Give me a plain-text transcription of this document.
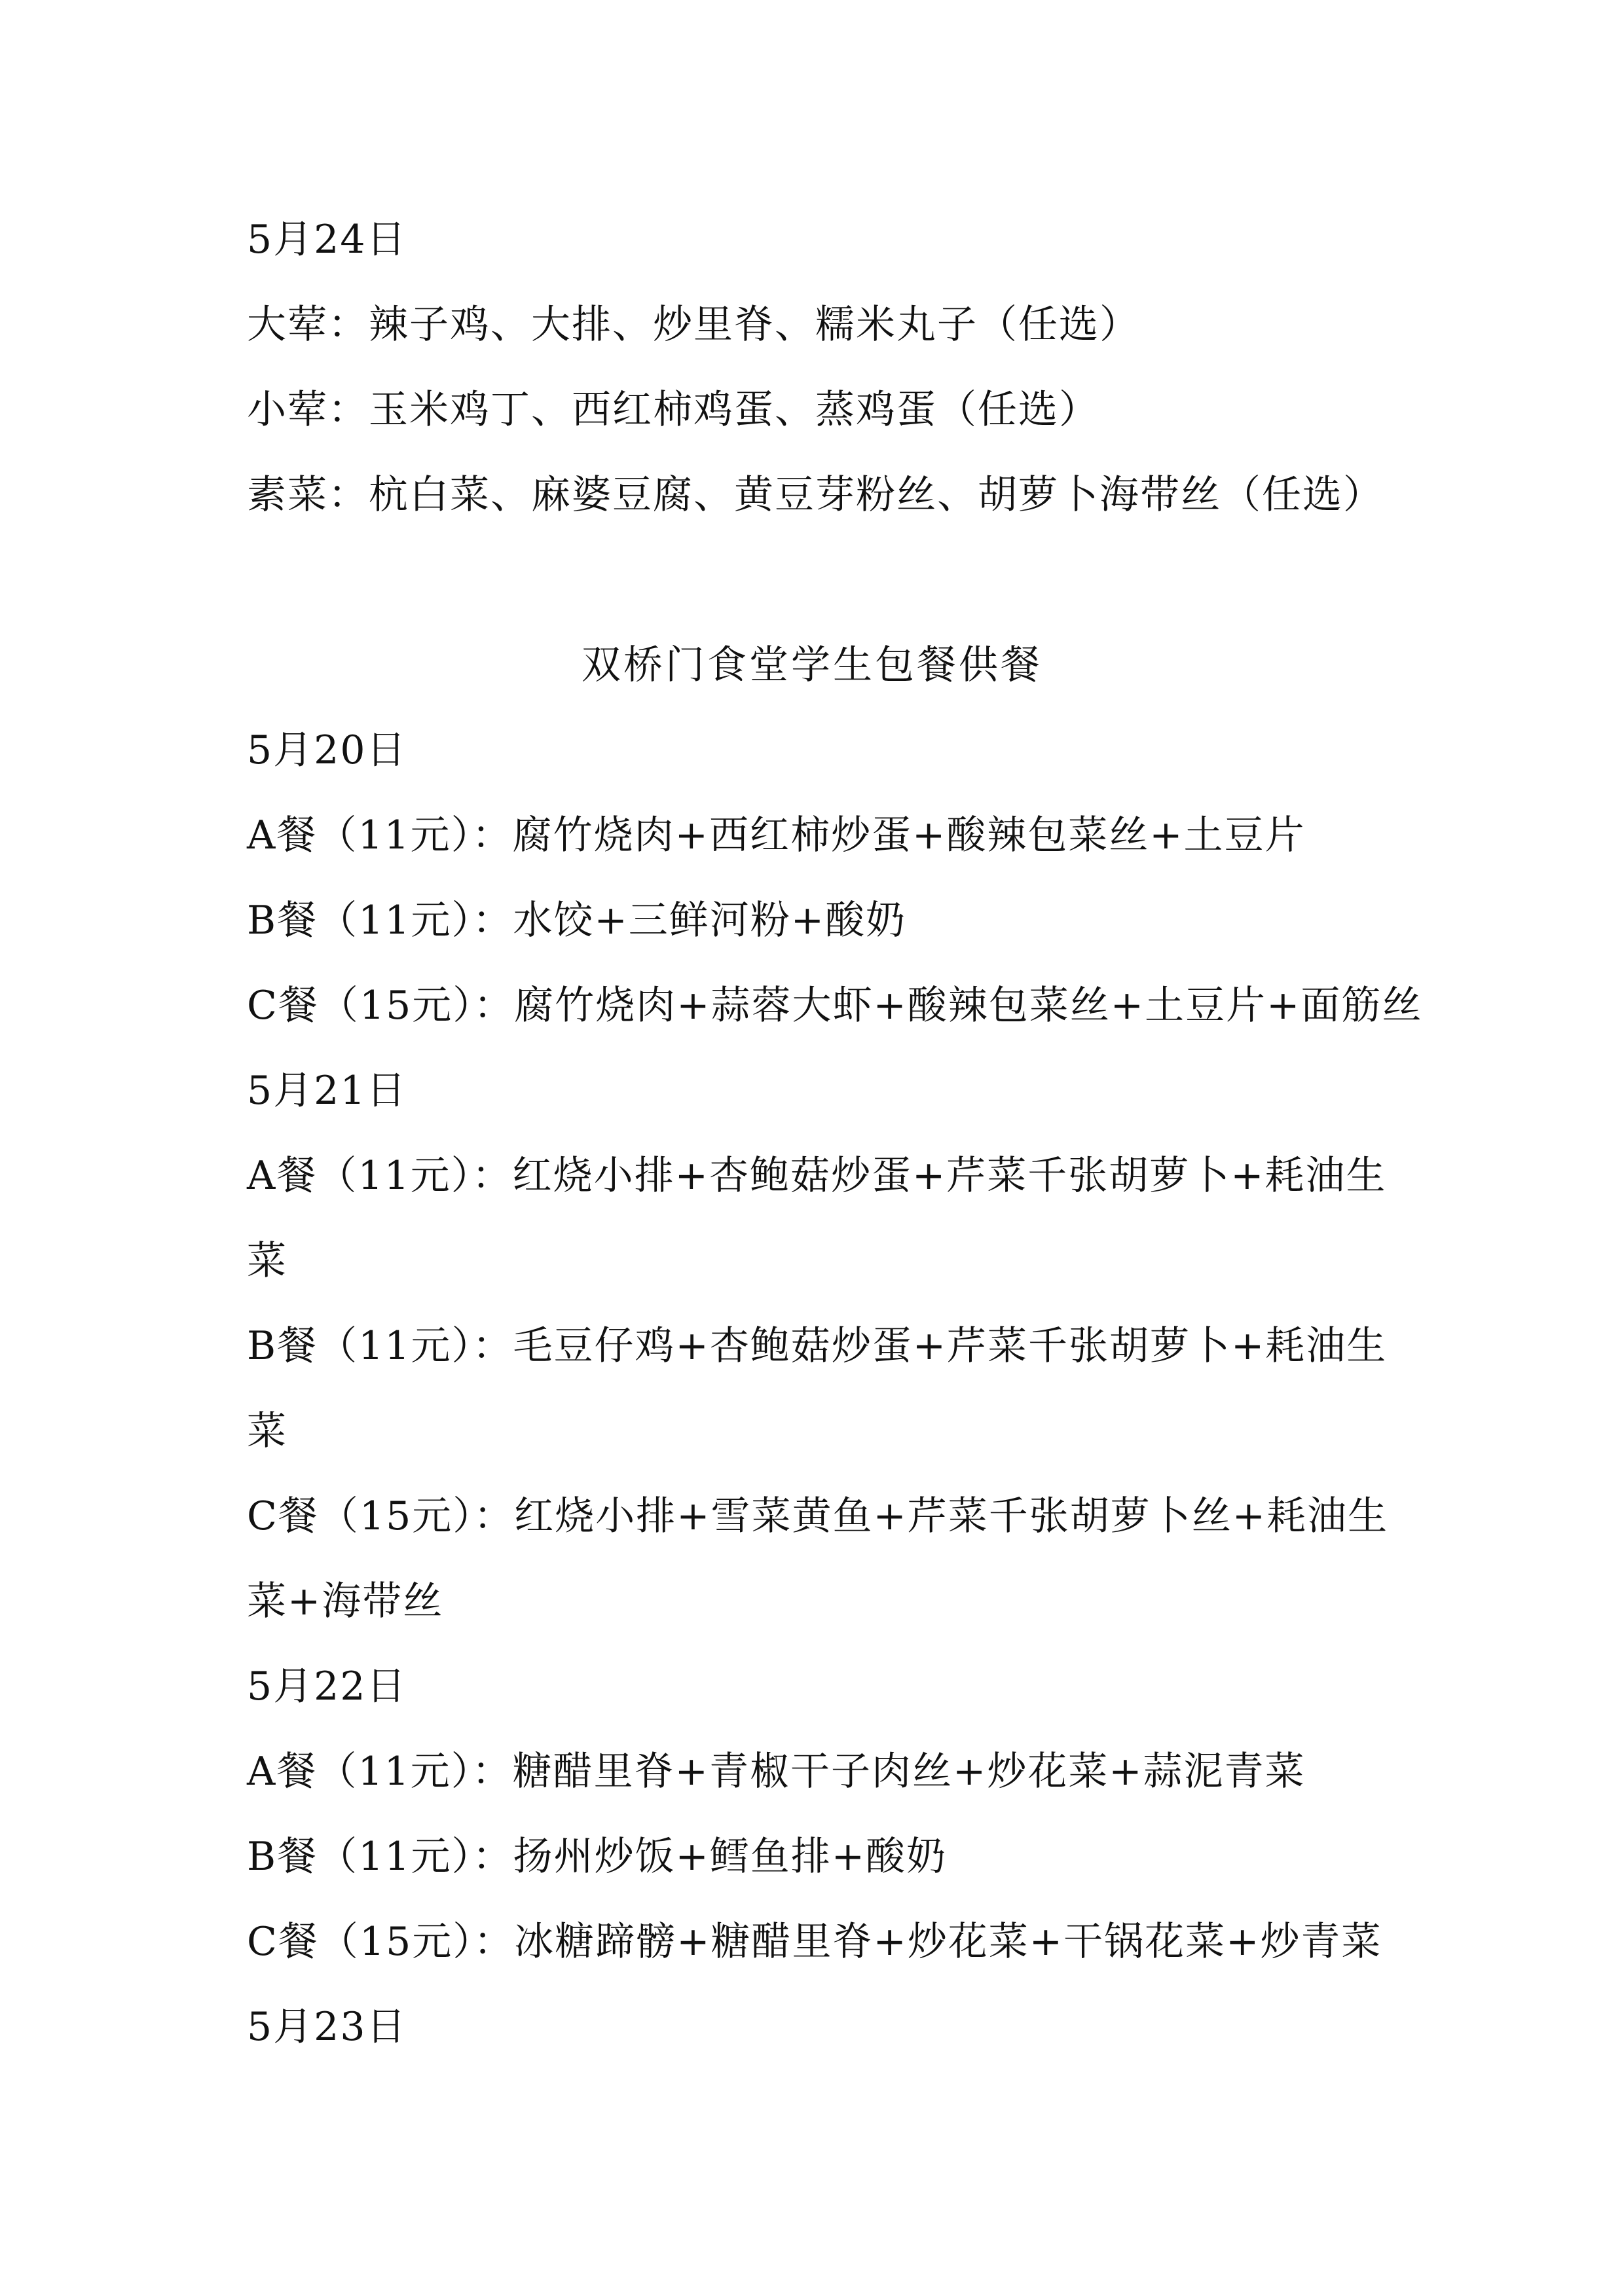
5月24日
大荤：辣子鸡、大排、炒里脊、糯米丸子（任选）
小荤：玉米鸡丁、西红柿鸡蛋、蒸鸡蛋（任选）
素菜：杭白菜、麻婆豆腐、黄豆芽粉丝、胡萝卜海带丝（任选）
双桥门食堂学生包餐供餐
5月20日
A餐（11元）：腐竹烧肉+西红柿炒蛋+酸辣包菜丝+土豆片
B餐（11元）：水饺+三鲜河粉+酸奶
C餐（15元）：腐竹烧肉+蒜蓉大虾+酸辣包菜丝+土豆片+面筋丝
5月21日
A餐（11元）：红烧小排+杏鲍菇炒蛋+芹菜千张胡萝卜+耗油生
菜
B餐（11元）：毛豆仔鸡+杏鲍菇炒蛋+芹菜千张胡萝卜+耗油生
菜
C餐（15元）：红烧小排+雪菜黄鱼+芹菜千张胡萝卜丝+耗油生
菜+海带丝
5月22日
A餐（11元）：糖醋里脊+青椒干子肉丝+炒花菜+蒜泥青菜
B餐（11元）：扬州炒饭+鳕鱼排+酸奶
C餐（15元）：冰糖蹄髈+糖醋里脊+炒花菜+干锅花菜+炒青菜
5月23日
